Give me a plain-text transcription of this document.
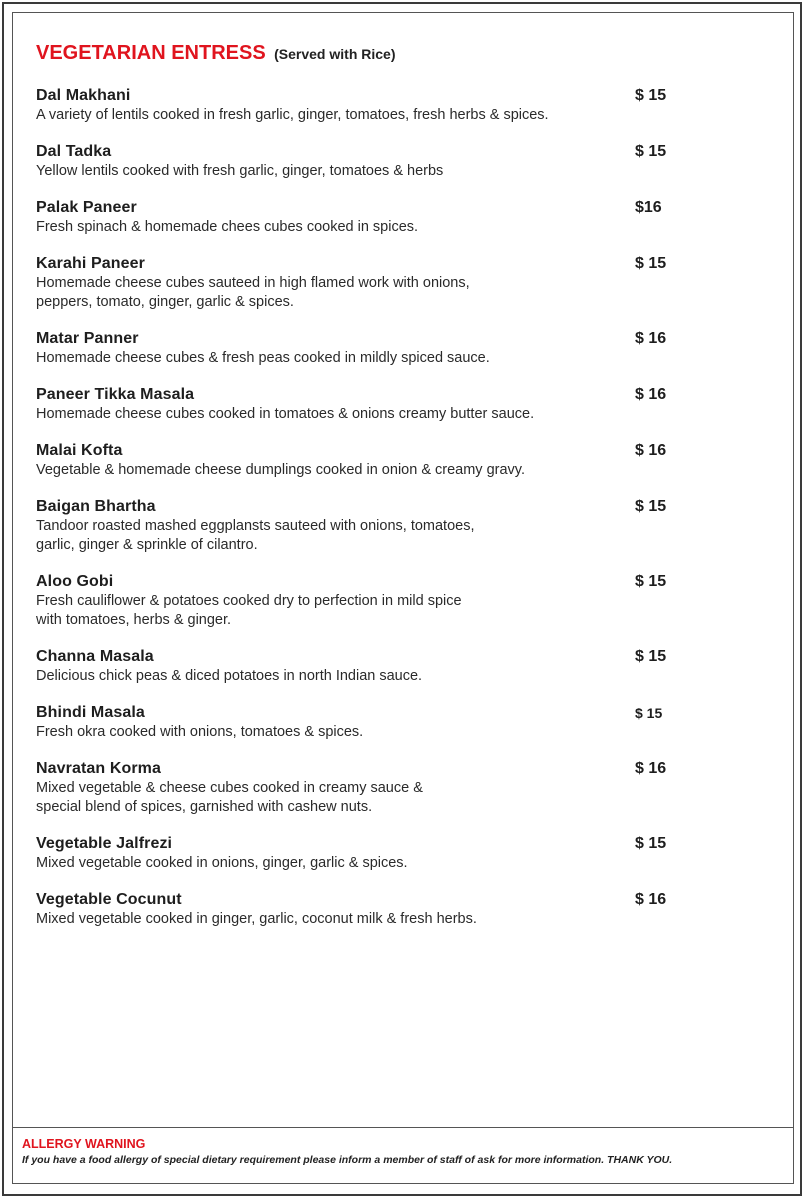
VEGETARIAN ENTRESS (Served with Rice)
Dal Makhani	$ 15
A variety of lentils cooked in fresh garlic, ginger, tomatoes, fresh herbs & spices.
Dal Tadka	$ 15
Yellow lentils cooked with fresh garlic, ginger, tomatoes & herbs
Palak Paneer	$16
Fresh spinach & homemade chees cubes cooked in spices.
Karahi Paneer	$ 15
Homemade cheese cubes sauteed in high flamed work with onions,
peppers, tomato, ginger, garlic & spices.
Matar Panner	$ 16
Homemade cheese cubes & fresh peas cooked in mildly spiced sauce.
Paneer Tikka Masala	$ 16
Homemade cheese cubes cooked in tomatoes & onions creamy butter sauce.
Malai Kofta	$ 16
Vegetable & homemade cheese dumplings cooked in onion & creamy gravy.
Baigan Bhartha	$ 15
Tandoor roasted mashed eggplansts sauteed with onions, tomatoes,
garlic, ginger & sprinkle of cilantro.
Aloo Gobi	$ 15
Fresh cauliflower & potatoes cooked dry to perfection in mild spice
with tomatoes, herbs & ginger.
Channa Masala	$ 15
Delicious chick peas & diced potatoes in north Indian sauce.
Bhindi Masala	$ 15
Fresh okra cooked with onions, tomatoes & spices.
Navratan Korma	$ 16
Mixed vegetable & cheese cubes cooked in creamy sauce &
special blend of spices, garnished with cashew nuts.
Vegetable Jalfrezi	$ 15
Mixed vegetable cooked in onions, ginger, garlic & spices.
Vegetable Cocunut	$ 16
Mixed vegetable cooked in ginger, garlic, coconut milk & fresh herbs.
ALLERGY WARNING
If you have a food allergy of special dietary requirement please inform a member of staff of ask for more information. THANK YOU.
